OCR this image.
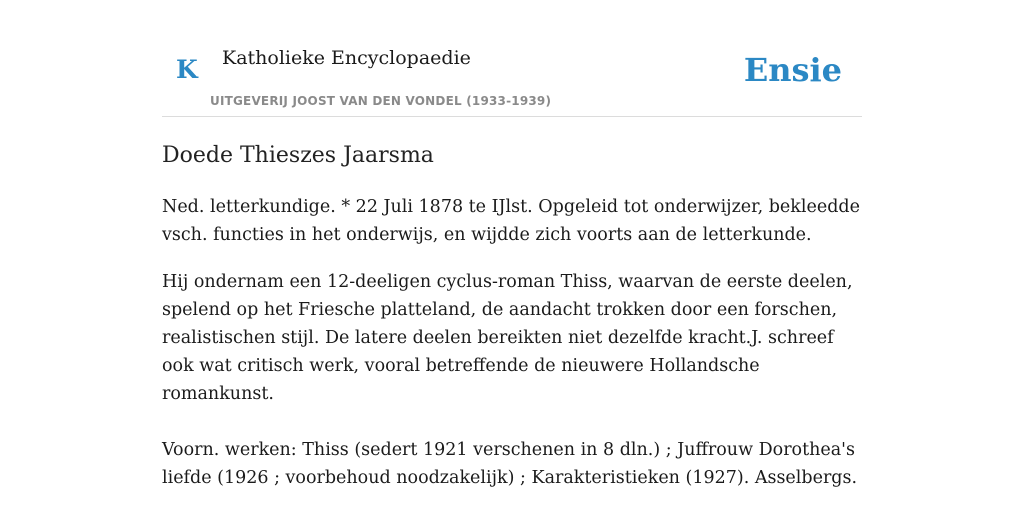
K Katholieke Encyclopaedie
UITGEVERIJ JOOST VAN DEN VONDEL (1933-1939)
Ensie
Doede Thieszes Jaarsma

Ned. letterkundige. * 22 Juli 1878 te IJlst. Opgeleid tot onderwijzer, bekleedde vsch. functies in het onderwijs, en wijdde zich voorts aan de letterkunde.

Hij ondernam een 12-deeligen cyclus-roman Thiss, waarvan de eerste deelen, spelend op het Friesche platteland, de aandacht trokken door een forschen, realistischen stijl. De latere deelen bereikten niet dezelfde kracht.J. schreef ook wat critisch werk, vooral betreffende de nieuwere Hollandsche romankunst.

Voorn. werken: Thiss (sedert 1921 verschenen in 8 dln.) ; Juffrouw Dorothea's liefde (1926 ; voorbehoud noodzakelijk) ; Karakteristieken (1927). Asselbergs.
